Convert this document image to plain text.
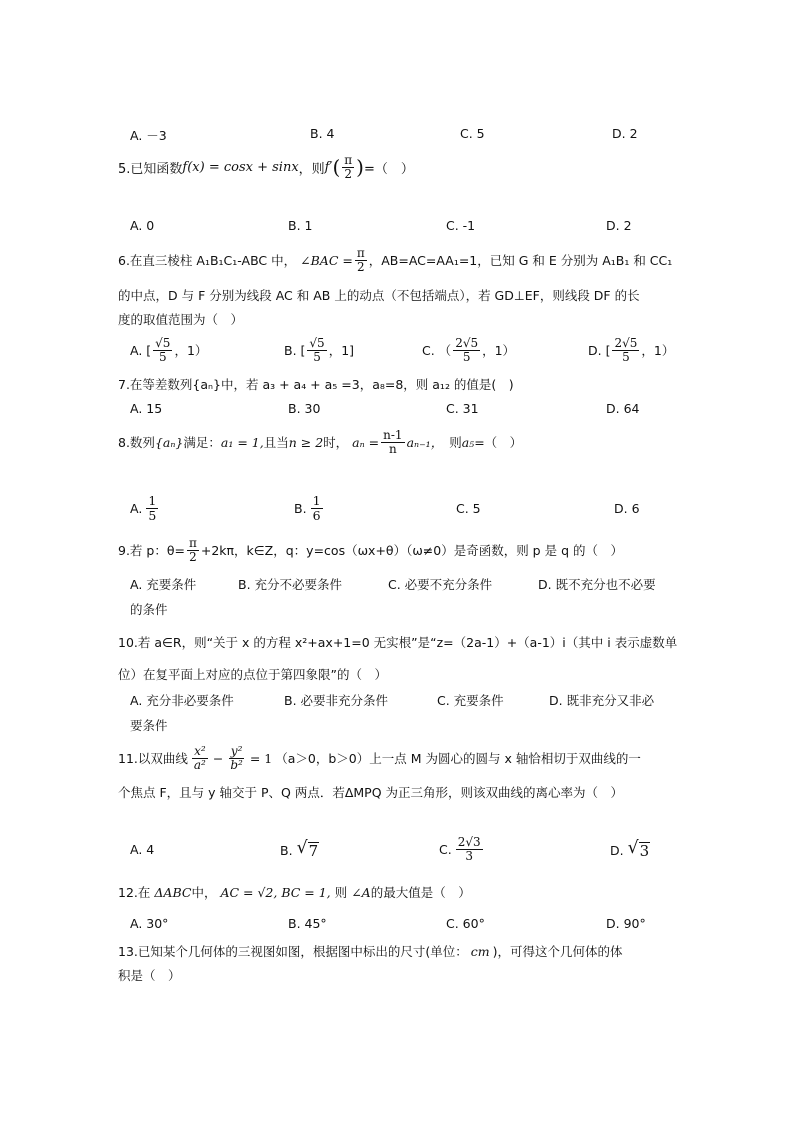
A. －3	B. 4	C. 5	D. 2
5.已知函数 f(x) = cosx + sinx ，则 f′ ( $\frac{\pi}{2}$ ) =（　）
A. 0	B. 1	C. -1	D. 2
6.在直三棱柱 A₁B₁C₁-ABC 中， ∠BAC = $\frac{\pi}{2}$ ，AB=AC=AA₁=1，已知 G 和 E 分别为 A₁B₁ 和 CC₁
的中点，D 与 F 分别为线段 AC 和 AB 上的动点（不包括端点），若 GD⊥EF，则线段 DF 的长
度的取值范围为（　）
A. [ $\frac{√5}{5}$ ，1）	B. [ $\frac{√5}{5}$ ，1]	C. （ $\frac{2√5}{5}$ ，1）	D. [ $\frac{2√5}{5}$ ，1）
7.在等差数列{aₙ}中，若 a₃ + a₄ + a₅ =3，a₈=8，则 a₁₂ 的值是(　)
A. 15	B. 30	C. 31	D. 64
8.数列 {aₙ} 满足： a₁ = 1, 且当 n ≥ 2 时， $a_n = \frac{n-1}{n} a_{n-1}$， 则 a₅ =（　）
A. $\frac{1}{5}$	B. $\frac{1}{6}$	C. 5	D. 6
9.若 p：$\theta= \frac{\pi}{2} +2k\pi$，k∈Z，q：y=cos（ωx+θ）（ω≠0）是奇函数，则 p 是 q 的（　）
A. 充要条件	B. 充分不必要条件	C. 必要不充分条件	D. 既不充分也不必要
的条件
10.若 a∈R，则“关于 x 的方程 x²+ax+1=0 无实根”是“z=（2a-1）+（a-1）i（其中 i 表示虚数单
位）在复平面上对应的点位于第四象限”的（　）
A. 充分非必要条件	B. 必要非充分条件	C. 充要条件	D. 既非充分又非必
要条件
11.以双曲线 $\frac{\text{x²}}{\text{a²}} - \frac{\text{y²}}{\text{b²}} = 1$ （a＞0，b＞0）上一点 M 为圆心的圆与 x 轴恰相切于双曲线的一
个焦点 F，且与 y 轴交于 P、Q 两点．若ΔMPQ 为正三角形，则该双曲线的离心率为（　）
A. 4	B. √ 7	C. $\frac{2√3}{3}$	D. √ 3
12.在 ΔABC 中， AC = √2, BC = 1, 则 ∠A 的最大值是（　）
A. 30°	B. 45°	C. 60°	D. 90°
13.已知某个几何体的三视图如图，根据图中标出的尺寸(单位： cm )，可得这个几何体的体
积是（　）
